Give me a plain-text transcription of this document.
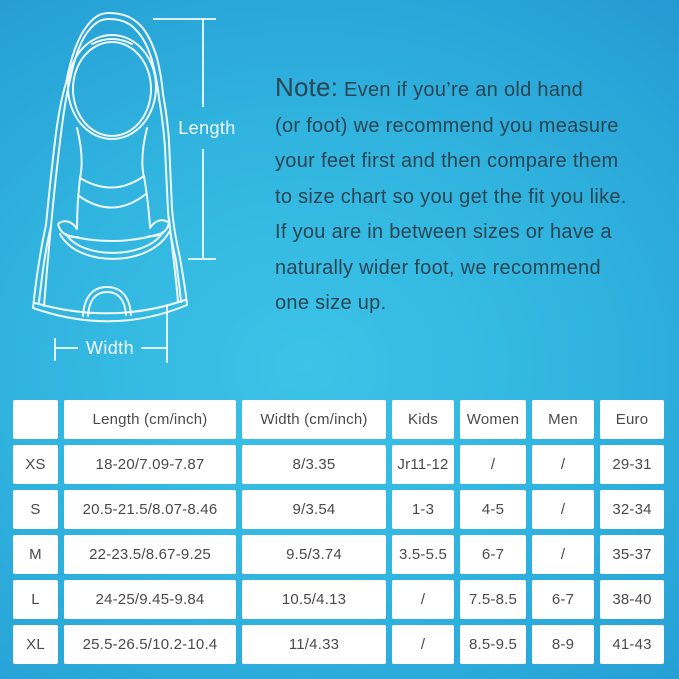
Length
Width
Note: Even if you’re an old hand
(or foot) we recommend you measure
your feet first and then compare them
to size chart so you get the fit you like.
If you are in between sizes or have a
naturally wider foot, we recommend
one size up.
Length (cm/inch)	Width (cm/inch)	Kids	Women	Men	Euro
XS	18-20/7.09-7.87	8/3.35	Jr11-12	/	/	29-31
S	20.5-21.5/8.07-8.46	9/3.54	1-3	4-5	/	32-34
M	22-23.5/8.67-9.25	9.5/3.74	3.5-5.5	6-7	/	35-37
L	24-25/9.45-9.84	10.5/4.13	/	7.5-8.5	6-7	38-40
XL	25.5-26.5/10.2-10.4	11/4.33	/	8.5-9.5	8-9	41-43
